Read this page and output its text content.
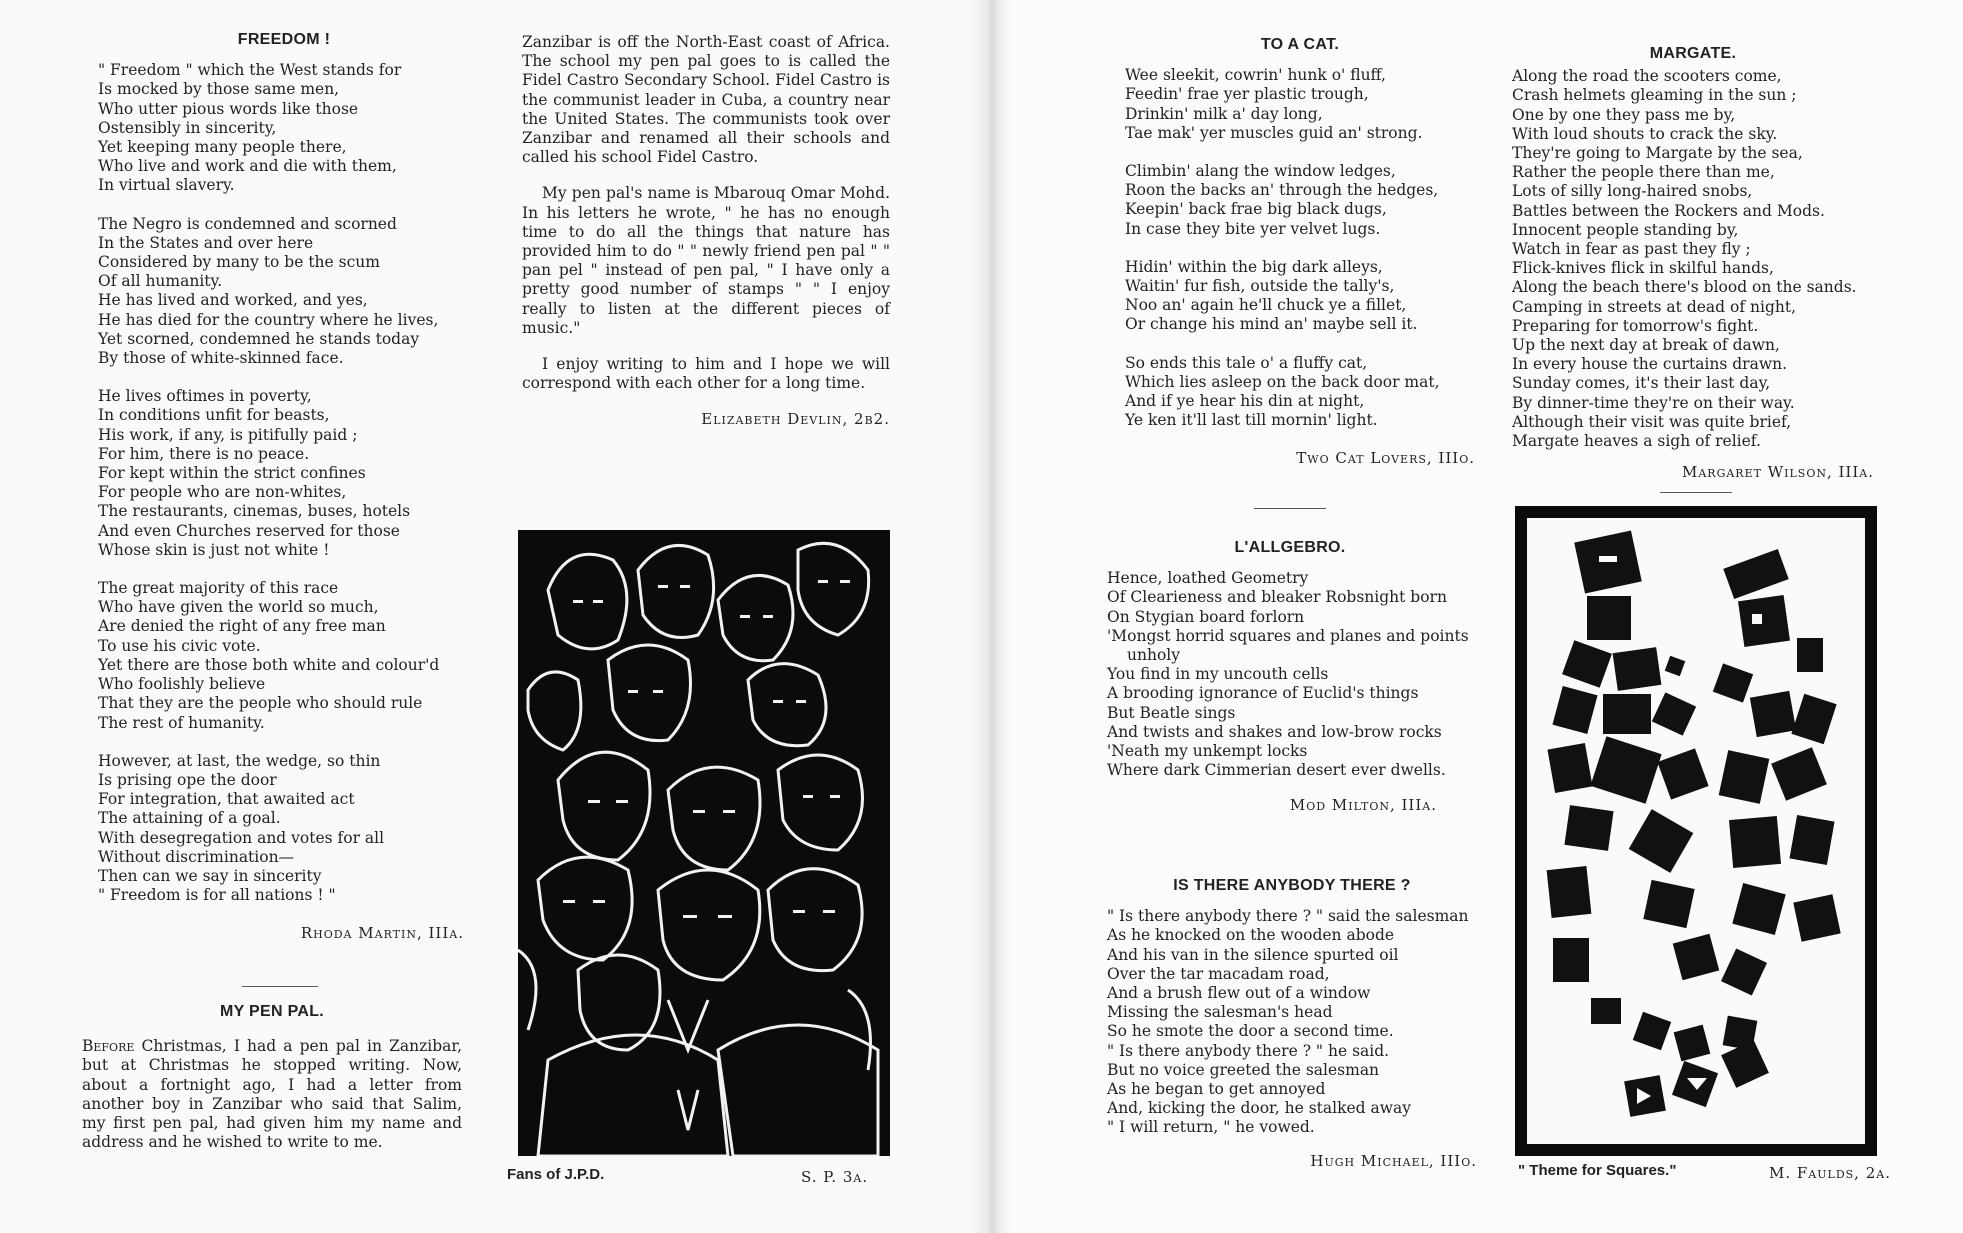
FREEDOM !
" Freedom " which the West stands for
Is mocked by those same men,
Who utter pious words like those
Ostensibly in sincerity,
Yet keeping many people there,
Who live and work and die with them,
In virtual slavery.
The Negro is condemned and scorned
In the States and over here
Considered by many to be the scum
Of all humanity.
He has lived and worked, and yes,
He has died for the country where he lives,
Yet scorned, condemned he stands today
By those of white-skinned face.
He lives oftimes in poverty,
In conditions unfit for beasts,
His work, if any, is pitifully paid ;
For him, there is no peace.
For kept within the strict confines
For people who are non-whites,
The restaurants, cinemas, buses, hotels
And even Churches reserved for those
Whose skin is just not white !
The great majority of this race
Who have given the world so much,
Are denied the right of any free man
To use his civic vote.
Yet there are those both white and colour'd
Who foolishly believe
That they are the people who should rule
The rest of humanity.
However, at last, the wedge, so thin
Is prising ope the door
For integration, that awaited act
The attaining of a goal.
With desegregation and votes for all
Without discrimination—
Then can we say in sincerity
" Freedom is for all nations ! "
Rhoda Martin, IIIa.
MY PEN PAL.
Before Christmas, I had a pen pal in Zanzibar, but at Christmas he stopped writing. Now, about a fortnight ago, I had a letter from another boy in Zanzibar who said that Salim, my first pen pal, had given him my name and address and he wished to write to me.
Zanzibar is off the North-East coast of Africa. The school my pen pal goes to is called the Fidel Castro Secondary School. Fidel Castro is the communist leader in Cuba, a country near the United States. The communists took over Zanzibar and renamed all their schools and called his school Fidel Castro.
My pen pal's name is Mbarouq Omar Mohd. In his letters he wrote, " he has no enough time to do all the things that nature has provided him to do " " newly friend pen pal " " pan pel " instead of pen pal, " I have only a pretty good number of stamps " " I enjoy really to listen at the different pieces of music."
I enjoy writing to him and I hope we will correspond with each other for a long time.
Elizabeth Devlin, 2b2.
Fans of J.P.D.	S. P. 3a.
TO A CAT.
Wee sleekit, cowrin' hunk o' fluff,
Feedin' frae yer plastic trough,
Drinkin' milk a' day long,
Tae mak' yer muscles guid an' strong.
Climbin' alang the window ledges,
Roon the backs an' through the hedges,
Keepin' back frae big black dugs,
In case they bite yer velvet lugs.
Hidin' within the big dark alleys,
Waitin' fur fish, outside the tally's,
Noo an' again he'll chuck ye a fillet,
Or change his mind an' maybe sell it.
So ends this tale o' a fluffy cat,
Which lies asleep on the back door mat,
And if ye hear his din at night,
Ye ken it'll last till mornin' light.
Two Cat Lovers, IIIo.
L'ALLGEBRO.
Hence, loathed Geometry
Of Clearieness and bleaker Robsnight born
On Stygian board forlorn
'Mongst horrid squares and planes and points
unholy
You find in my uncouth cells
A brooding ignorance of Euclid's things
But Beatle sings
And twists and shakes and low-brow rocks
'Neath my unkempt locks
Where dark Cimmerian desert ever dwells.
Mod Milton, IIIa.
IS THERE ANYBODY THERE ?
" Is there anybody there ? " said the salesman
As he knocked on the wooden abode
And his van in the silence spurted oil
Over the tar macadam road,
And a brush flew out of a window
Missing the salesman's head
So he smote the door a second time.
" Is there anybody there ? " he said.
But no voice greeted the salesman
As he began to get annoyed
And, kicking the door, he stalked away
" I will return, " he vowed.
Hugh Michael, IIIo.
MARGATE.
Along the road the scooters come,
Crash helmets gleaming in the sun ;
One by one they pass me by,
With loud shouts to crack the sky.
They're going to Margate by the sea,
Rather the people there than me,
Lots of silly long-haired snobs,
Battles between the Rockers and Mods.
Innocent people standing by,
Watch in fear as past they fly ;
Flick-knives flick in skilful hands,
Along the beach there's blood on the sands.
Camping in streets at dead of night,
Preparing for tomorrow's fight.
Up the next day at break of dawn,
In every house the curtains drawn.
Sunday comes, it's their last day,
By dinner-time they're on their way.
Although their visit was quite brief,
Margate heaves a sigh of relief.
Margaret Wilson, IIIa.
" Theme for Squares."	M. Faulds, 2a.
